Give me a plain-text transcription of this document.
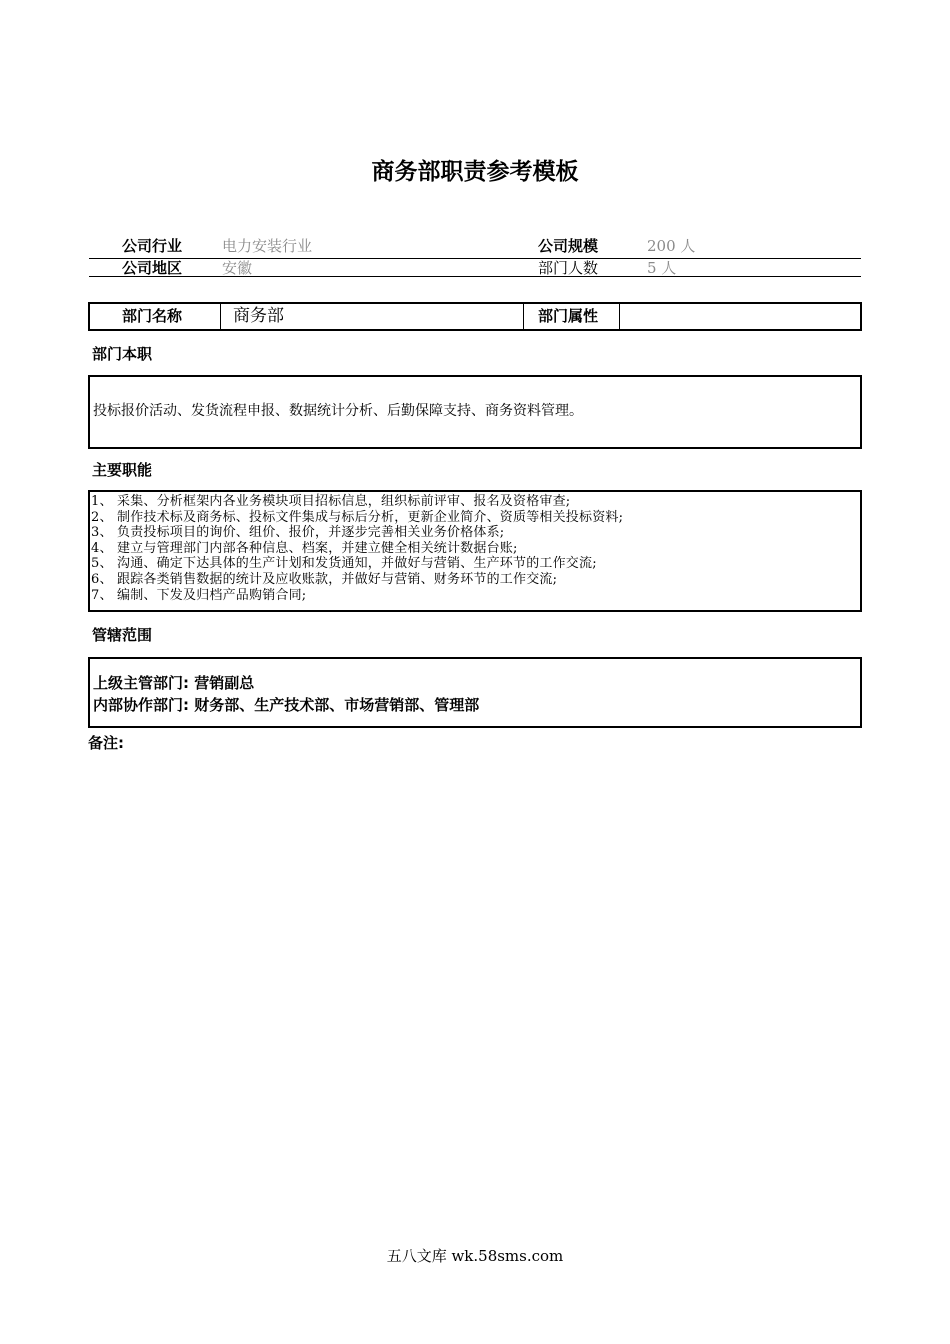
商务部职责参考模板
公司行业	电力安装行业	公司规模	200 人
公司地区	安徽	部门人数	5 人
部门名称	商务部	部门属性
部门本职
投标报价活动、发货流程申报、数据统计分析、后勤保障支持、商务资料管理。
主要职能
1、 采集、分析框架内各业务模块项目招标信息，组织标前评审、报名及资格审查;
2、 制作技术标及商务标、投标文件集成与标后分析，更新企业简介、资质等相关投标资料;
3、 负责投标项目的询价、组价、报价，并逐步完善相关业务价格体系;
4、 建立与管理部门内部各种信息、档案，并建立健全相关统计数据台账;
5、 沟通、确定下达具体的生产计划和发货通知，并做好与营销、生产环节的工作交流;
6、 跟踪各类销售数据的统计及应收账款，并做好与营销、财务环节的工作交流;
7、 编制、下发及归档产品购销合同;
管辖范围
上级主管部门: 营销副总
内部协作部门: 财务部、生产技术部、市场营销部、管理部
备注:
五八文库 wk.58sms.com
